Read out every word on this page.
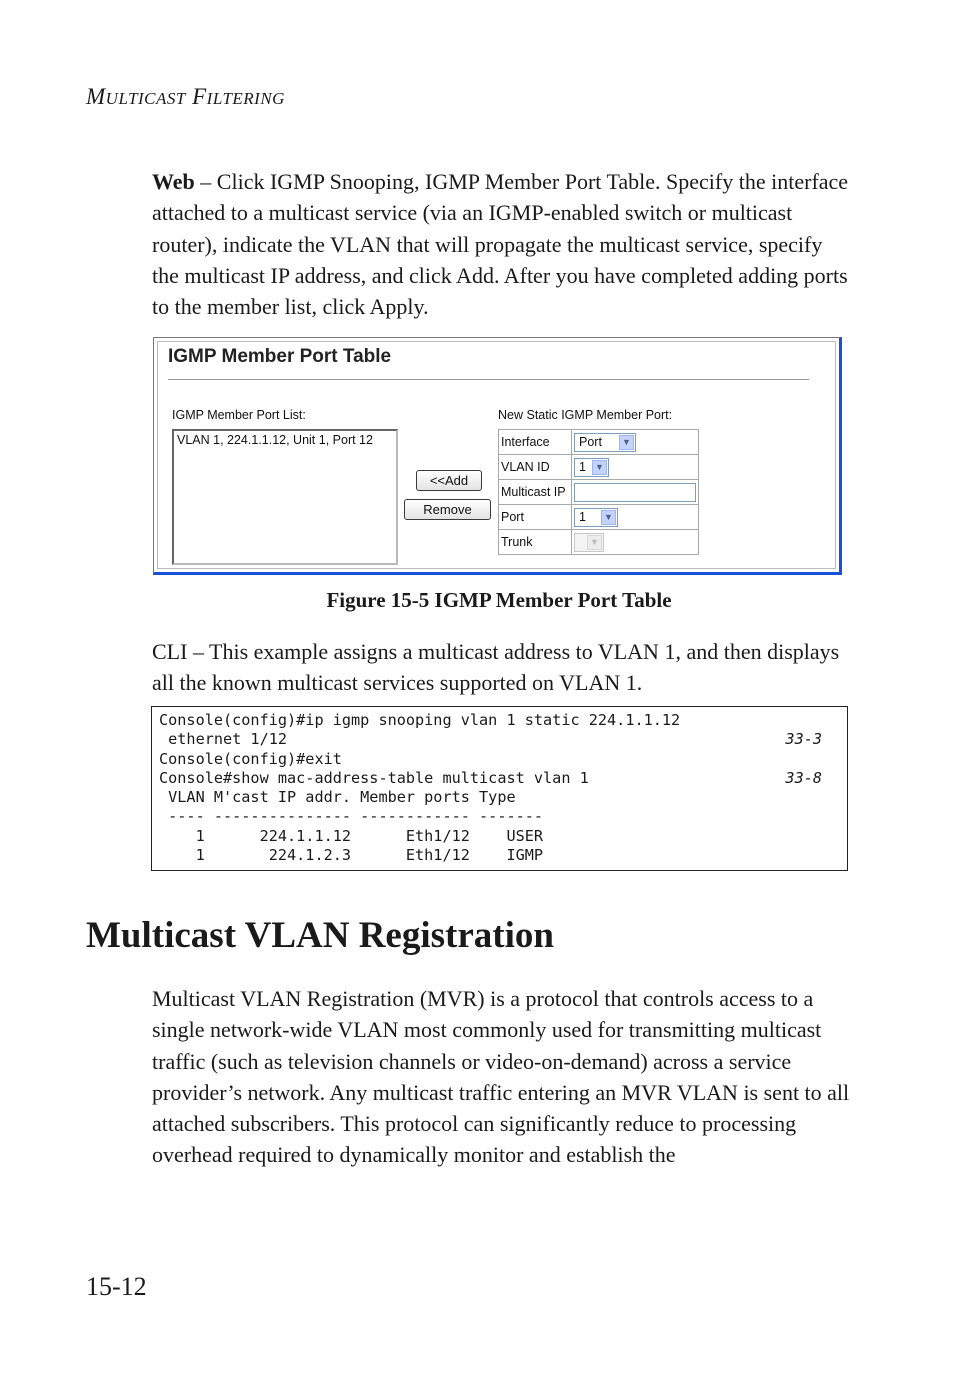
MULTICAST FILTERING
Web – Click IGMP Snooping, IGMP Member Port Table. Specify the interface attached to a multicast service (via an IGMP-enabled switch or multicast router), indicate the VLAN that will propagate the multicast service, specify the multicast IP address, and click Add. After you have completed adding ports to the member list, click Apply.
IGMP Member Port Table
IGMP Member Port List:
VLAN 1, 224.1.1.12, Unit 1, Port 12
<<Add
Remove
New Static IGMP Member Port:
Interface	Port ▼

VLAN ID	1 ▼

Multicast IP	
Port	1 ▼

Trunk	▼
Figure 15-5 IGMP Member Port Table
CLI – This example assigns a multicast address to VLAN 1, and then displays all the known multicast services supported on VLAN 1.
Console(config)#ip igmp snooping vlan 1 static 224.1.1.12
ethernet 1/12	33-3
Console(config)#exit
Console#show mac-address-table multicast vlan 1	33-8
VLAN M'cast IP addr. Member ports Type
---- --------------- ------------ -------
1      224.1.1.12      Eth1/12    USER
1       224.1.2.3      Eth1/12    IGMP
Multicast VLAN Registration
Multicast VLAN Registration (MVR) is a protocol that controls access to a single network-wide VLAN most commonly used for transmitting multicast traffic (such as television channels or video-on-demand) across a service provider’s network. Any multicast traffic entering an MVR VLAN is sent to all attached subscribers. This protocol can significantly reduce to processing overhead required to dynamically monitor and establish the
15-12
